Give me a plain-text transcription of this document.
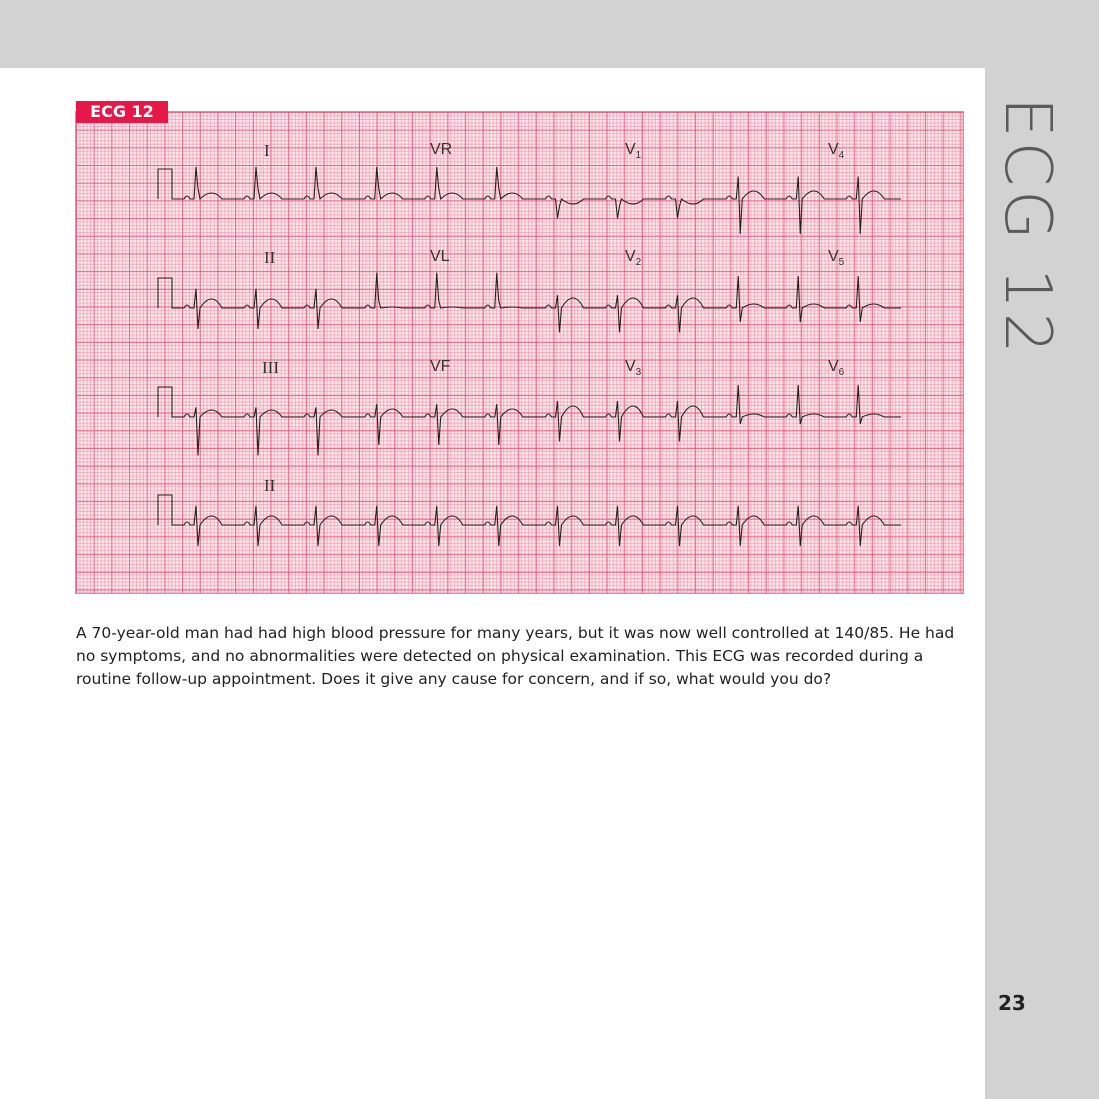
ECG 12
23
ECG 12
I	VR	$V_1$	$V_4$
II	VL	$V_2$	$V_5$
III	VF	$V_3$	$V_6$
II
A 70-year-old man had had high blood pressure for many years, but it was now well controlled at 140/85. He had no symptoms, and no abnormalities were detected on physical examination. This ECG was recorded during a routine follow-up appointment. Does it give any cause for concern, and if so, what would you do?
